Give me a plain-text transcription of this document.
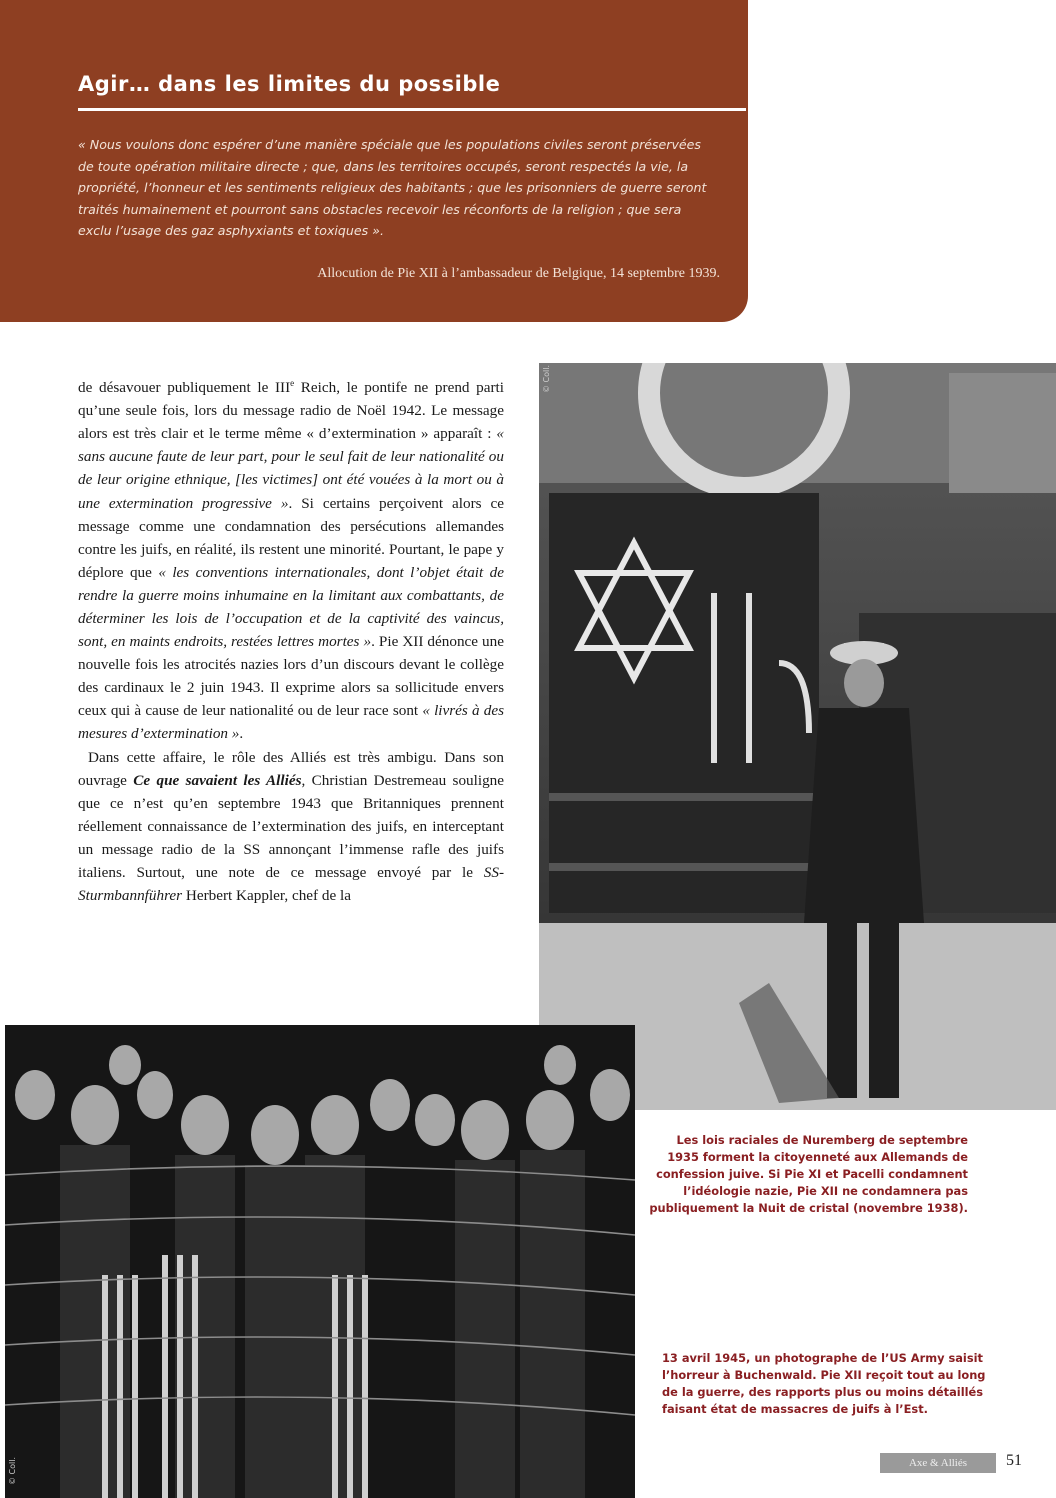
Agir… dans les limites du possible
« Nous voulons donc espérer d’une manière spéciale que les populations civiles seront préservées de toute opération militaire directe ; que, dans les territoires occupés, seront respectés la vie, la propriété, l’honneur et les sentiments religieux des habitants ; que les prisonniers de guerre seront traités humainement et pourront sans obstacles recevoir les réconforts de la religion ; que sera exclu l’usage des gaz asphyxiants et toxiques ».
Allocution de Pie XII à l’ambassadeur de Belgique, 14 septembre 1939.

de désavouer publiquement le IIIe Reich, le pontife ne prend parti qu’une seule fois, lors du message radio de Noël 1942. Le message alors est très clair et le terme même « d’extermination » apparaît : « sans aucune faute de leur part, pour le seul fait de leur nationalité ou de leur origine ethnique, [les victimes] ont été vouées à la mort ou à une extermination progressive ». Si certains perçoivent alors ce message comme une condamnation des persécutions allemandes contre les juifs, en réalité, ils restent une minorité. Pourtant, le pape y déplore que « les conventions internationales, dont l’objet était de rendre la guerre moins inhumaine en la limitant aux combattants, de déterminer les lois de l’occupation et de la captivité des vaincus, sont, en maints endroits, restées lettres mortes ». Pie XII dénonce une nouvelle fois les atrocités nazies lors d’un discours devant le collège des cardinaux le 2 juin 1943. Il exprime alors sa sollicitude envers ceux qui à cause de leur nationalité ou de leur race sont « livrés à des mesures d’extermination ».

Dans cette affaire, le rôle des Alliés est très ambigu. Dans son ouvrage Ce que savaient les Alliés, Christian Destremeau souligne que ce n’est qu’en septembre 1943 que Britanniques prennent réellement connaissance de l’extermination des juifs, en interceptant un message radio de la SS annonçant l’immense rafle des juifs italiens. Surtout, une note de ce message envoyé par le SS-Sturmbannführer Herbert Kappler, chef de la

© Coll.
© Coll.
Les lois raciales de Nuremberg de septembre 1935 forment la citoyenneté aux Allemands de confession juive. Si Pie XI et Pacelli condamnent l’idéologie nazie, Pie XII ne condamnera pas publiquement la Nuit de cristal (novembre 1938).
13 avril 1945, un photographe de l’US Army saisit l’horreur à Buchenwald. Pie XII reçoit tout au long de la guerre, des rapports plus ou moins détaillés faisant état de massacres de juifs à l’Est.
Axe & Alliés	51
